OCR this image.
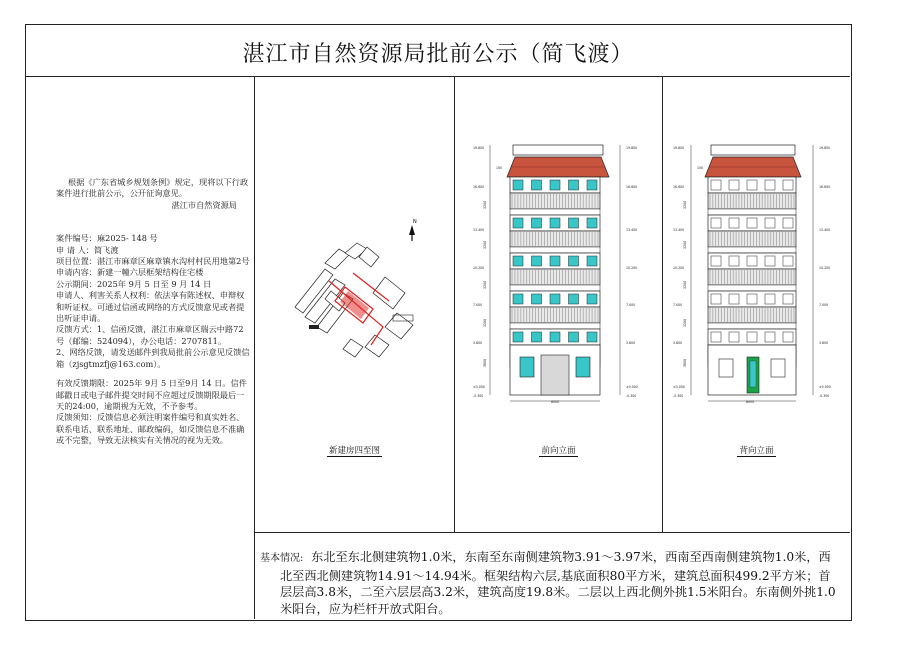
湛江市自然资源局批前公示（简飞渡）

根据《广东省城乡规划条例》规定，现将以下行政案件进行批前公示，公开征询意见。

湛江市自然资源局

案件编号：麻2025- 148 号

申 请 人：简飞渡

项目位置：湛江市麻章区麻章镇水沟村村民用地第2号

申请内容：新建一幢六层框架结构住宅楼

公示期间：2025年 9月 5 日至 9 月 14 日

申请人、利害关系人权利：依法享有陈述权、申辩权和听证权。可通过信函或网络的方式反馈意见或者提出听证申请。

反馈方式：1、信函反馈，湛江市麻章区瑞云中路72号（邮编：524094），办公电话：2707811。

2、网络反馈，请发送邮件到我局批前公示意见反馈信箱（zjsgtmzfj@163.com）。

有效反馈期限：2025年 9月 5 日至9月 14 日。信件邮戳日或电子邮件提交时间不应超过反馈期限最后一天的24:00，逾期视为无效，不予参考。

反馈须知：反馈信息必须注明案件编号和真实姓名、联系电话、联系地址、邮政编码，如反馈信息不准确或不完整，导致无法核实有关情况的视为无效。

N
新建房四至图
19.800	19.800
16.600	16.600
13.400	13.400
10.200	10.200
7.000	7.000
3.800	3.800
±0.000	±0.000
-0.300	-0.300
150
3200
3200
3200
3200
3800
8000
前向立面
19.800	19.800
16.600	16.600
13.400	13.400
10.200	10.200
7.000	7.000
3.800	3.800
±0.000	±0.000
-0.300	-0.300
150
3200
3200
3200
3200
3800
8000
背向立面
基本情况: 东北至东北侧建筑物1.0米，东南至东南侧建筑物3.91～3.97米，西南至西南侧建筑物1.0米，西北至西北侧建筑物14.91～14.94米。框架结构六层,基底面积80平方米，建筑总面积499.2平方米；首层层高3.8米，二至六层层高3.2米，建筑高度19.8米。二层以上西北侧外挑1.5米阳台。东南侧外挑1.0米阳台，应为栏杆开放式阳台。
